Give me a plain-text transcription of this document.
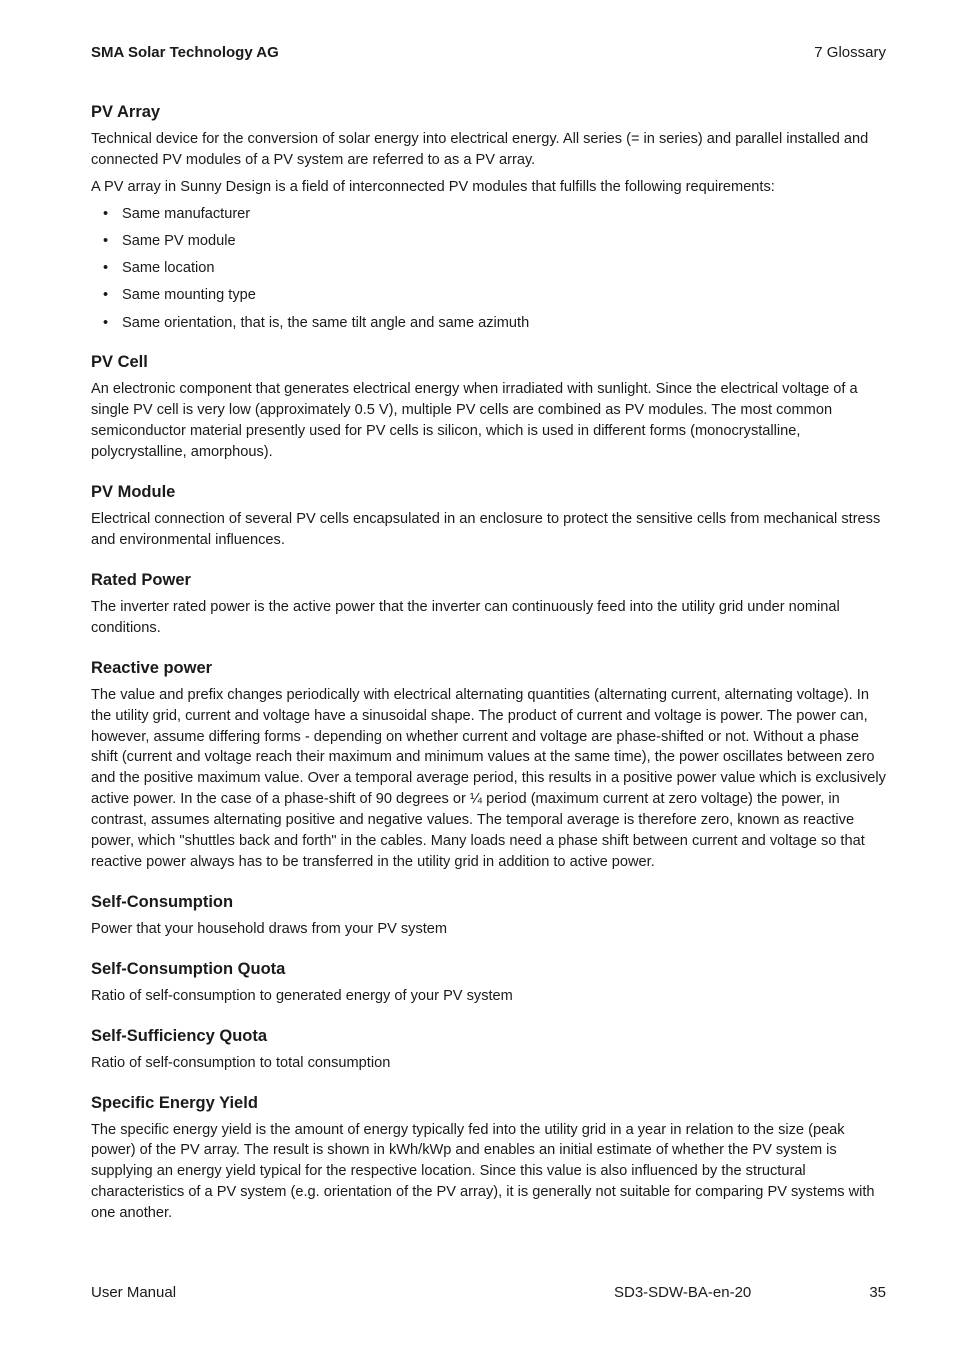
SMA Solar Technology AG	7 Glossary
PV Array

Technical device for the conversion of solar energy into electrical energy. All series (= in series) and parallel installed and connected PV modules of a PV system are referred to as a PV array.

A PV array in Sunny Design is a field of interconnected PV modules that fulfills the following requirements:

• Same manufacturer
• Same PV module
• Same location
• Same mounting type
• Same orientation, that is, the same tilt angle and same azimuth
PV Cell

An electronic component that generates electrical energy when irradiated with sunlight. Since the electrical voltage of a single PV cell is very low (approximately 0.5 V), multiple PV cells are combined as PV modules. The most common semiconductor material presently used for PV cells is silicon, which is used in different forms (monocrystalline, polycrystalline, amorphous).

PV Module

Electrical connection of several PV cells encapsulated in an enclosure to protect the sensitive cells from mechanical stress and environmental influences.

Rated Power

The inverter rated power is the active power that the inverter can continuously feed into the utility grid under nominal conditions.

Reactive power

The value and prefix changes periodically with electrical alternating quantities (alternating current, alternating voltage). In the utility grid, current and voltage have a sinusoidal shape. The product of current and voltage is power. The power can, however, assume differing forms - depending on whether current and voltage are phase-shifted or not. Without a phase shift (current and voltage reach their maximum and minimum values at the same time), the power oscillates between zero and the positive maximum value. Over a temporal average period, this results in a positive power value which is exclusively active power. In the case of a phase-shift of 90 degrees or ¼ period (maximum current at zero voltage) the power, in contrast, assumes alternating positive and negative values. The temporal average is therefore zero, known as reactive power, which "shuttles back and forth" in the cables. Many loads need a phase shift between current and voltage so that reactive power always has to be transferred in the utility grid in addition to active power.

Self-Consumption

Power that your household draws from your PV system

Self-Consumption Quota

Ratio of self-consumption to generated energy of your PV system

Self-Sufficiency Quota

Ratio of self-consumption to total consumption

Specific Energy Yield

The specific energy yield is the amount of energy typically fed into the utility grid in a year in relation to the size (peak power) of the PV array. The result is shown in kWh/kWp and enables an initial estimate of whether the PV system is supplying an energy yield typical for the respective location. Since this value is also influenced by the structural characteristics of a PV system (e.g. orientation of the PV array), it is generally not suitable for comparing PV systems with one another.

User Manual	SD3-SDW-BA-en-20	35
